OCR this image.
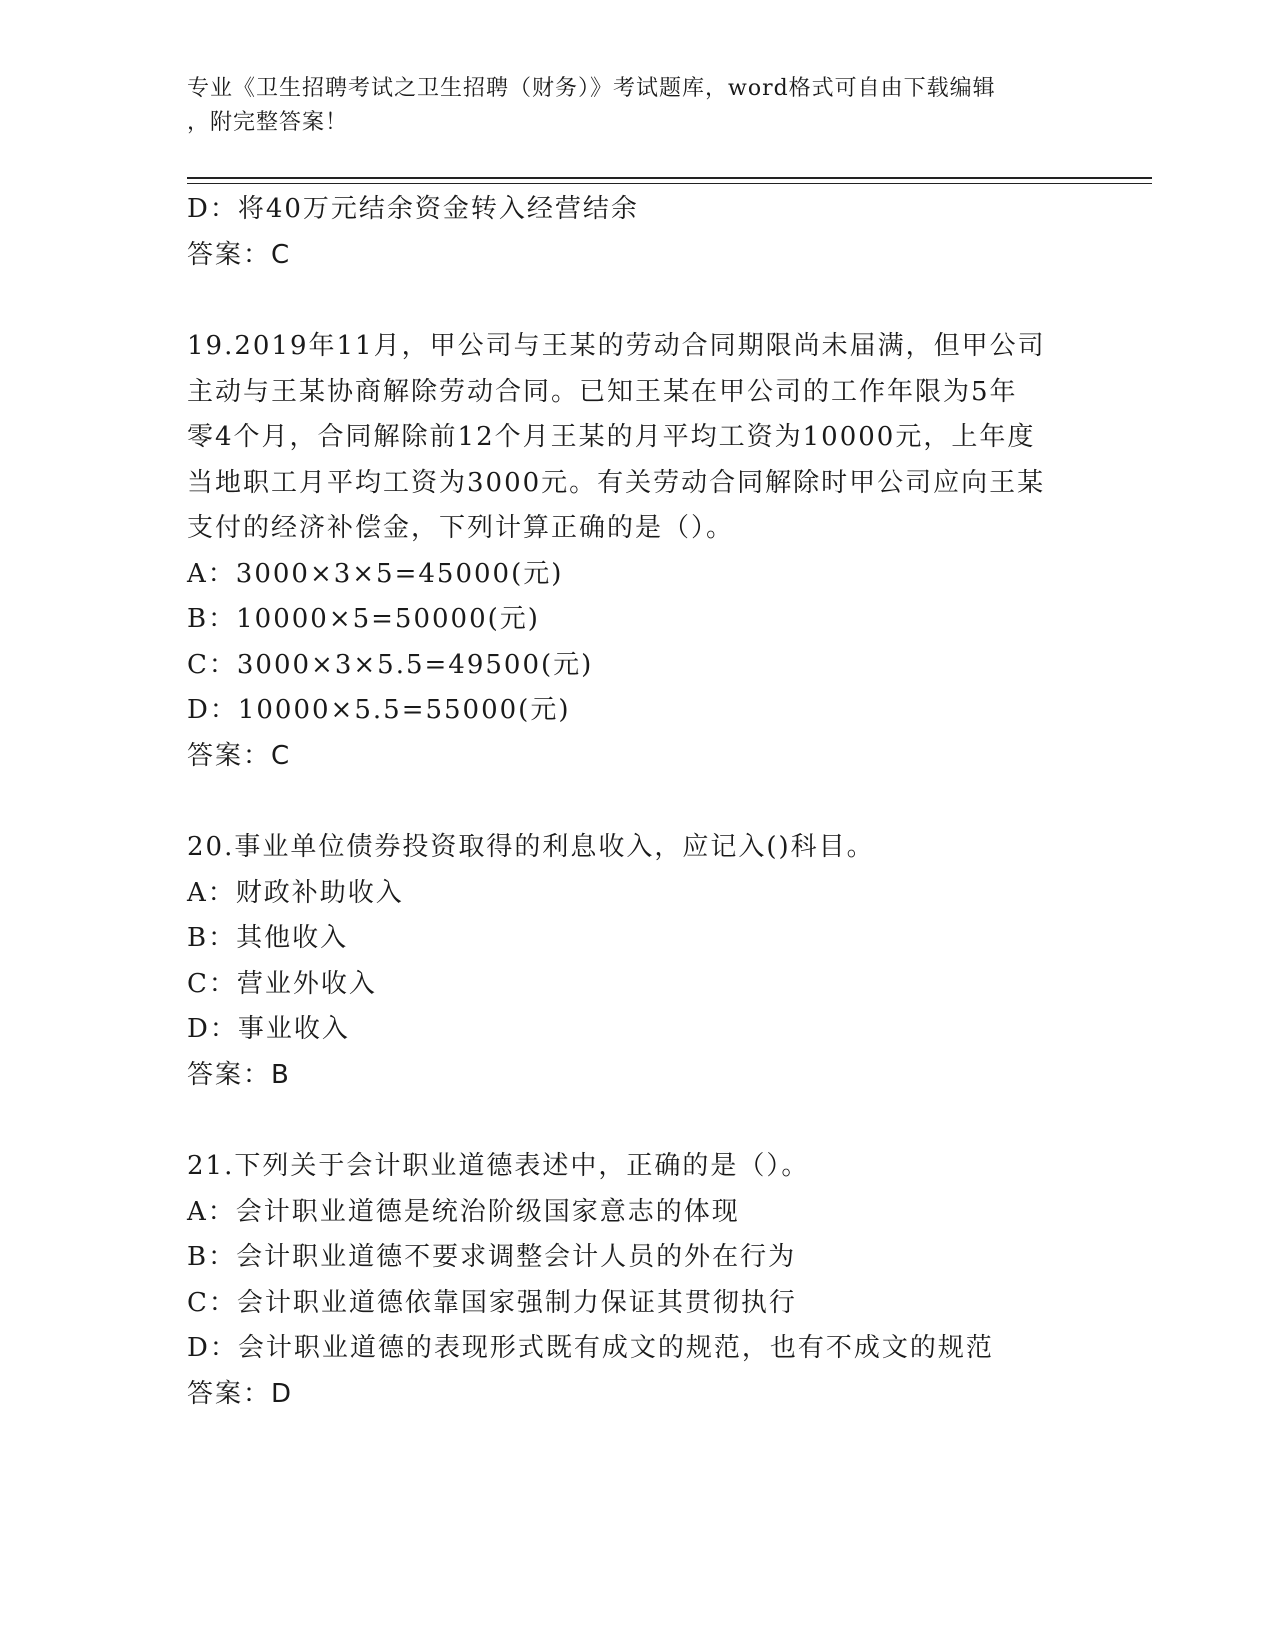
专业《卫生招聘考试之卫生招聘（财务）》考试题库，word格式可自由下载编辑
，附完整答案！
D：将40万元结余资金转入经营结余
答案：C
19.2019年11月，甲公司与王某的劳动合同期限尚未届满，但甲公司
主动与王某协商解除劳动合同。已知王某在甲公司的工作年限为5年
零4个月，合同解除前12个月王某的月平均工资为10000元，上年度
当地职工月平均工资为3000元。有关劳动合同解除时甲公司应向王某
支付的经济补偿金，下列计算正确的是（）。
A：3000×3×5=45000(元)
B：10000×5=50000(元)
C：3000×3×5.5=49500(元)
D：10000×5.5=55000(元)
答案：C
20.事业单位债券投资取得的利息收入，应记入()科目。
A：财政补助收入
B：其他收入
C：营业外收入
D：事业收入
答案：B
21.下列关于会计职业道德表述中，正确的是（）。
A：会计职业道德是统治阶级国家意志的体现
B：会计职业道德不要求调整会计人员的外在行为
C：会计职业道德依靠国家强制力保证其贯彻执行
D：会计职业道德的表现形式既有成文的规范，也有不成文的规范
答案：D
